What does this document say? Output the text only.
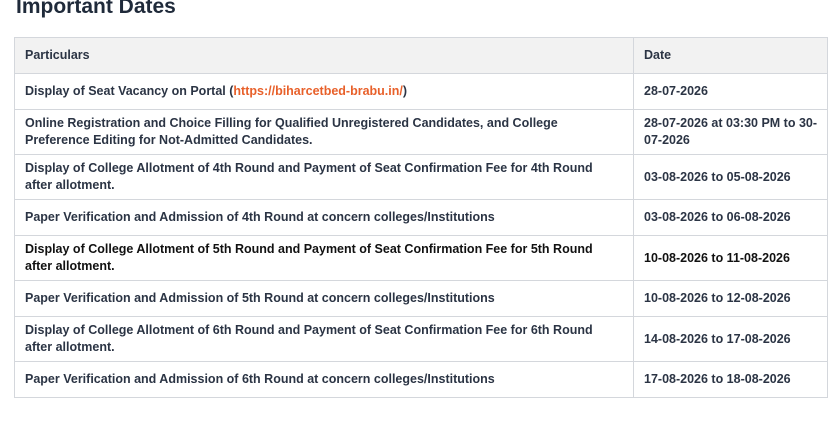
Important Dates
Particulars	Date
Display of Seat Vacancy on Portal (https://biharcetbed-brabu.in/)	28-07-2026
Online Registration and Choice Filling for Qualified Unregistered Candidates, and College Preference Editing for Not-Admitted Candidates.	28-07-2026 at 03:30 PM to 30-07-2026
Display of College Allotment of 4th Round and Payment of Seat Confirmation Fee for 4th Round after allotment.	03-08-2026 to 05-08-2026
Paper Verification and Admission of 4th Round at concern colleges/Institutions	03-08-2026 to 06-08-2026
Display of College Allotment of 5th Round and Payment of Seat Confirmation Fee for 5th Round after allotment.	10-08-2026 to 11-08-2026
Paper Verification and Admission of 5th Round at concern colleges/Institutions	10-08-2026 to 12-08-2026
Display of College Allotment of 6th Round and Payment of Seat Confirmation Fee for 6th Round after allotment.	14-08-2026 to 17-08-2026
Paper Verification and Admission of 6th Round at concern colleges/Institutions	17-08-2026 to 18-08-2026
